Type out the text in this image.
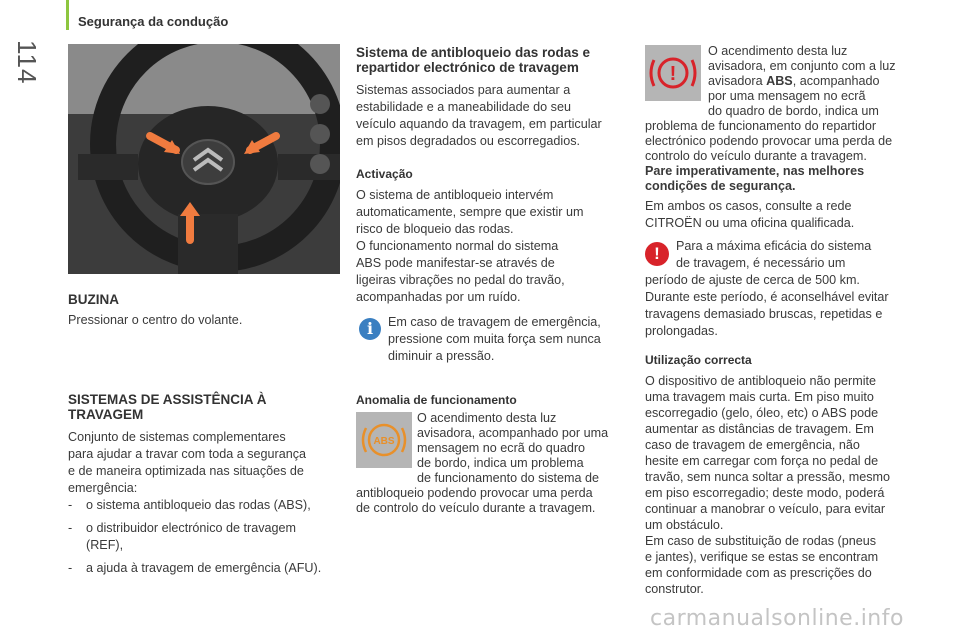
114
Segurança da condução
BUZINA
Pressionar o centro do volante.
SISTEMAS DE ASSISTÊNCIA À
TRAVAGEM
Conjunto de sistemas complementares
para ajudar a travar com toda a segurança
e de maneira optimizada nas situações de
emergência:
- o sistema antibloqueio das rodas (ABS),
- o distribuidor electrónico de travagem
(REF),
- a ajuda à travagem de emergência (AFU).
Sistema de antibloqueio das rodas e
repartidor electrónico de travagem
Sistemas associados para aumentar a
estabilidade e a maneabilidade do seu
veículo aquando da travagem, em particular
em pisos degradados ou escorregadios.
Activação
O sistema de antibloqueio intervém
automaticamente, sempre que existir um
risco de bloqueio das rodas.
O funcionamento normal do sistema
ABS pode manifestar-se através de
ligeiras vibrações no pedal do travão,
acompanhadas por um ruído.
i	Em caso de travagem de emergência,
pressione com muita força sem nunca
diminuir a pressão.
Anomalia de funcionamento
ABS
O acendimento desta luz
avisadora, acompanhado por uma
mensagem no ecrã do quadro
de bordo, indica um problema
de funcionamento do sistema de
antibloqueio podendo provocar uma perda
de controlo do veículo durante a travagem.
!
O acendimento desta luz
avisadora, em conjunto com a luz
avisadora ABS, acompanhado
por uma mensagem no ecrã
do quadro de bordo, indica um
problema de funcionamento do repartidor
electrónico podendo provocar uma perda de
controlo do veículo durante a travagem.
Pare imperativamente, nas melhores
condições de segurança.
Em ambos os casos, consulte a rede
CITROËN ou uma oficina qualificada.
!	Para a máxima eficácia do sistema
de travagem, é necessário um
período de ajuste de cerca de 500 km.
Durante este período, é aconselhável evitar
travagens demasiado bruscas, repetidas e
prolongadas.
Utilização correcta
O dispositivo de antibloqueio não permite
uma travagem mais curta. Em piso muito
escorregadio (gelo, óleo, etc) o ABS pode
aumentar as distâncias de travagem. Em
caso de travagem de emergência, não
hesite em carregar com força no pedal de
travão, sem nunca soltar a pressão, mesmo
em piso escorregadio; deste modo, poderá
continuar a manobrar o veículo, para evitar
um obstáculo.
Em caso de substituição de rodas (pneus
e jantes), verifique se estas se encontram
em conformidade com as prescrições do
construtor.
carmanualsonline.info
